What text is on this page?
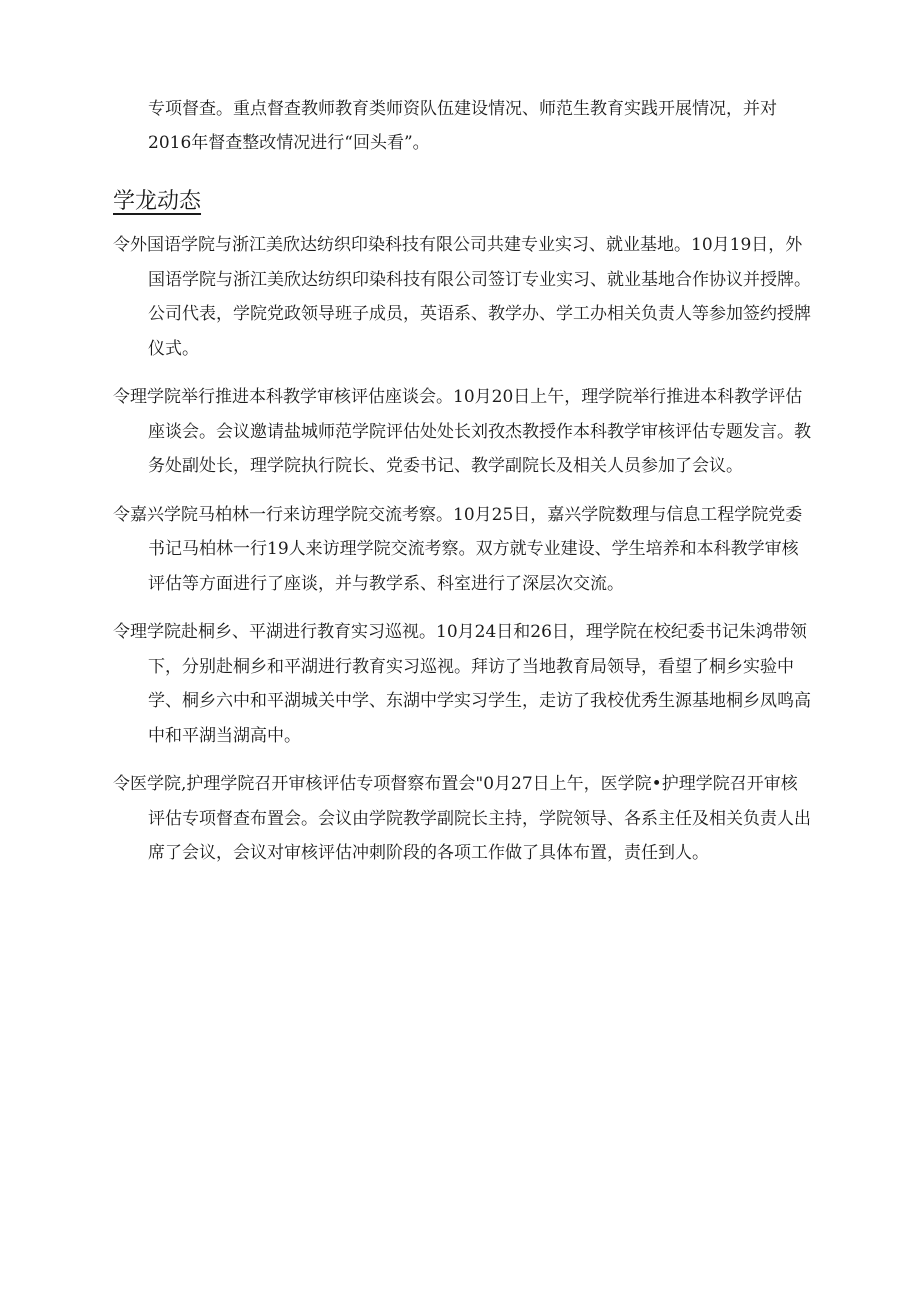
专项督查。重点督查教师教育类师资队伍建设情况、师范生教育实践开展情况，并对2016年督查整改情况进行“回头看”。

学龙动态
令外国语学院与浙江美欣达纺织印染科技有限公司共建专业实习、就业基地。10月19日，外国语学院与浙江美欣达纺织印染科技有限公司签订专业实习、就业基地合作协议并授牌。公司代表，学院党政领导班子成员，英语系、教学办、学工办相关负责人等参加签约授牌仪式。
令理学院举行推进本科教学审核评估座谈会。10月20日上午，理学院举行推进本科教学评估座谈会。会议邀请盐城师范学院评估处处长刘孜杰教授作本科教学审核评估专题发言。教务处副处长，理学院执行院长、党委书记、教学副院长及相关人员参加了会议。
令嘉兴学院马柏林一行来访理学院交流考察。10月25日，嘉兴学院数理与信息工程学院党委书记马柏林一行19人来访理学院交流考察。双方就专业建设、学生培养和本科教学审核评估等方面进行了座谈，并与教学系、科室进行了深层次交流。
令理学院赴桐乡、平湖进行教育实习巡视。10月24日和26日，理学院在校纪委书记朱鸿带领下，分别赴桐乡和平湖进行教育实习巡视。拜访了当地教育局领导，看望了桐乡实验中学、桐乡六中和平湖城关中学、东湖中学实习学生，走访了我校优秀生源基地桐乡凤鸣高中和平湖当湖高中。
令医学院,护理学院召开审核评估专项督察布置会"0月27日上午，医学院•护理学院召开审核评估专项督查布置会。会议由学院教学副院长主持，学院领导、各系主任及相关负责人出席了会议，会议对审核评估冲刺阶段的各项工作做了具体布置，责任到人。
